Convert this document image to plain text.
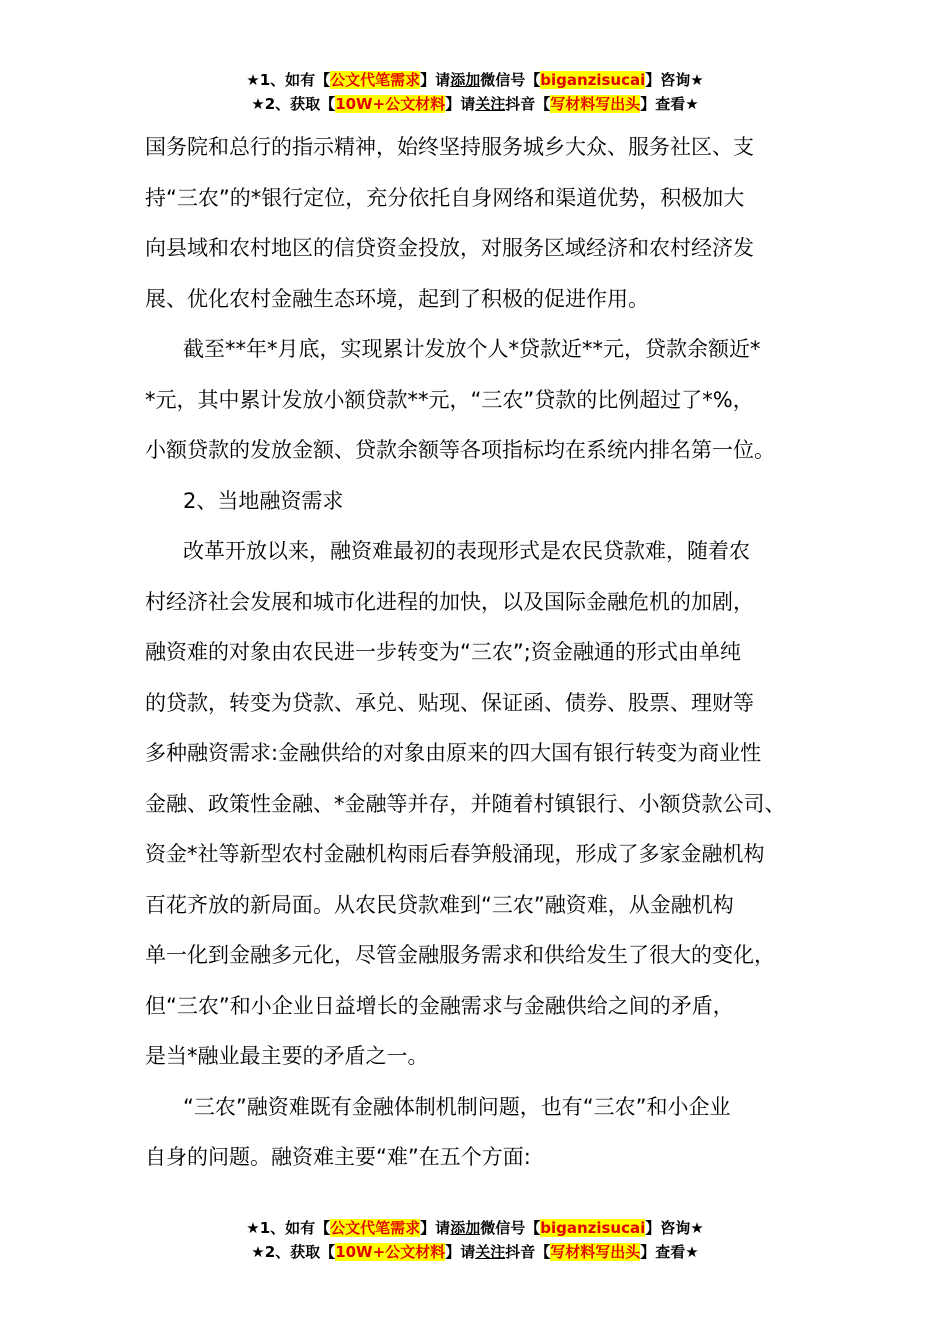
★1、如有【公文代笔需求】请添加微信号【biganzisucai】咨询★
★2、获取【10W+公文材料】请关注抖音【写材料写出头】查看★
国务院和总行的指示精神，始终坚持服务城乡大众、服务社区、支
持“三农”的*银行定位，充分依托自身网络和渠道优势，积极加大
向县域和农村地区的信贷资金投放，对服务区域经济和农村经济发
展、优化农村金融生态环境，起到了积极的促进作用。
截至**年*月底，实现累计发放个人*贷款近**元，贷款余额近*
*元，其中累计发放小额贷款**元，“三农”贷款的比例超过了*%，
小额贷款的发放金额、贷款余额等各项指标均在系统内排名第一位。
2、当地融资需求
改革开放以来，融资难最初的表现形式是农民贷款难，随着农
村经济社会发展和城市化进程的加快，以及国际金融危机的加剧，
融资难的对象由农民进一步转变为“三农”;资金融通的形式由单纯
的贷款，转变为贷款、承兑、贴现、保证函、债券、股票、理财等
多种融资需求:金融供给的对象由原来的四大国有银行转变为商业性
金融、政策性金融、*金融等并存，并随着村镇银行、小额贷款公司、
资金*社等新型农村金融机构雨后春笋般涌现，形成了多家金融机构
百花齐放的新局面。从农民贷款难到“三农”融资难，从金融机构
单一化到金融多元化，尽管金融服务需求和供给发生了很大的变化，
但“三农”和小企业日益增长的金融需求与金融供给之间的矛盾，
是当*融业最主要的矛盾之一。
“三农”融资难既有金融体制机制问题，也有“三农”和小企业
自身的问题。融资难主要“难”在五个方面:
★1、如有【公文代笔需求】请添加微信号【biganzisucai】咨询★
★2、获取【10W+公文材料】请关注抖音【写材料写出头】查看★
